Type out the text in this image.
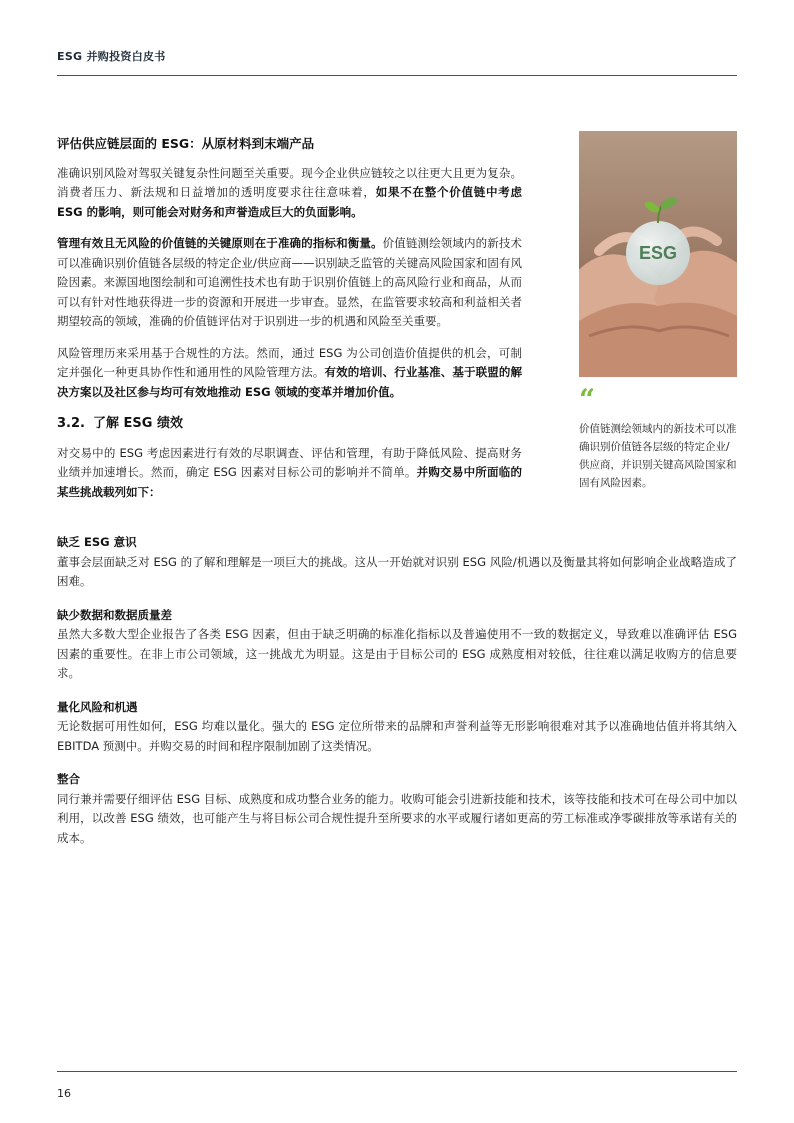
ESG 并购投资白皮书
评估供应链层面的 ESG：从原材料到末端产品

准确识别风险对驾驭关键复杂性问题至关重要。现今企业供应链较之以往更大且更为复杂。消费者压力、新法规和日益增加的透明度要求往往意味着，如果不在整个价值链中考虑 ESG 的影响，则可能会对财务和声誉造成巨大的负面影响。

管理有效且无风险的价值链的关键原则在于准确的指标和衡量。价值链测绘领域内的新技术可以准确识别价值链各层级的特定企业/供应商——识别缺乏监管的关键高风险国家和固有风险因素。来源国地图绘制和可追溯性技术也有助于识别价值链上的高风险行业和商品，从而可以有针对性地获得进一步的资源和开展进一步审查。显然，在监管要求较高和利益相关者期望较高的领域，准确的价值链评估对于识别进一步的机遇和风险至关重要。

风险管理历来采用基于合规性的方法。然而，通过 ESG 为公司创造价值提供的机会，可制定并强化一种更具协作性和通用性的风险管理方法。有效的培训、行业基准、基于联盟的解决方案以及社区参与均可有效地推动 ESG 领域的变革并增加价值。

3.2. 了解 ESG 绩效

对交易中的 ESG 考虑因素进行有效的尽职调查、评估和管理，有助于降低风险、提高财务业绩并加速增长。然而，确定 ESG 因素对目标公司的影响并不简单。并购交易中所面临的某些挑战载列如下：

缺乏 ESG 意识

董事会层面缺乏对 ESG 的了解和理解是一项巨大的挑战。这从一开始就对识别 ESG 风险/机遇以及衡量其将如何影响企业战略造成了困难。

缺少数据和数据质量差

虽然大多数大型企业报告了各类 ESG 因素，但由于缺乏明确的标准化指标以及普遍使用不一致的数据定义，导致难以准确评估 ESG 因素的重要性。在非上市公司领域，这一挑战尤为明显。这是由于目标公司的 ESG 成熟度相对较低，往往难以满足收购方的信息要求。

量化风险和机遇

无论数据可用性如何，ESG 均难以量化。强大的 ESG 定位所带来的品牌和声誉利益等无形影响很难对其予以准确地估值并将其纳入 EBITDA 预测中。并购交易的时间和程序限制加剧了这类情况。

整合

同行兼并需要仔细评估 ESG 目标、成熟度和成功整合业务的能力。收购可能会引进新技能和技术，该等技能和技术可在母公司中加以利用，以改善 ESG 绩效，也可能产生与将目标公司合规性提升至所要求的水平或履行诸如更高的劳工标准或净零碳排放等承诺有关的成本。

ESG
“
价值链测绘领域内的新技术可以准确识别价值链各层级的特定企业/供应商，并识别关键高风险国家和固有风险因素。
16
